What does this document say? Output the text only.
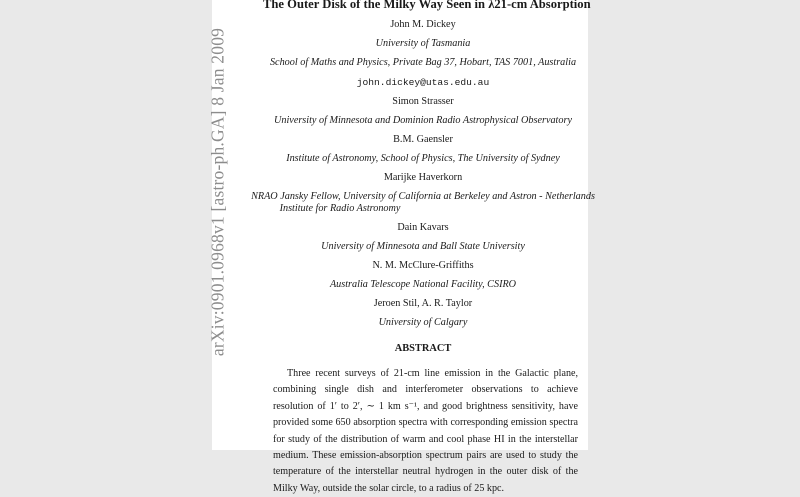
arXiv:0901.0968v1 [astro-ph.GA] 8 Jan 2009
The Outer Disk of the Milky Way Seen in λ21-cm Absorption
John M. Dickey
University of Tasmania
School of Maths and Physics, Private Bag 37, Hobart, TAS 7001, Australia
john.dickey@utas.edu.au
Simon Strasser
University of Minnesota and Dominion Radio Astrophysical Observatory
B.M. Gaensler
Institute of Astronomy, School of Physics, The University of Sydney
Marijke Haverkorn
NRAO Jansky Fellow, University of California at Berkeley and Astron - Netherlands
Institute for Radio Astronomy
Dain Kavars
University of Minnesota and Ball State University
N. M. McClure-Griffiths
Australia Telescope National Facility, CSIRO
Jeroen Stil, A. R. Taylor
University of Calgary
ABSTRACT
Three recent surveys of 21-cm line emission in the Galactic plane, combining single dish and interferometer observations to achieve resolution of 1′ to 2′, ∼ 1 km s⁻¹, and good brightness sensitivity, have provided some 650 absorption spectra with corresponding emission spectra for study of the distribution of warm and cool phase HI in the interstellar medium. These emission-absorption spectrum pairs are used to study the temperature of the interstellar neutral hydrogen in the outer disk of the Milky Way, outside the solar circle, to a radius of 25 kpc.
